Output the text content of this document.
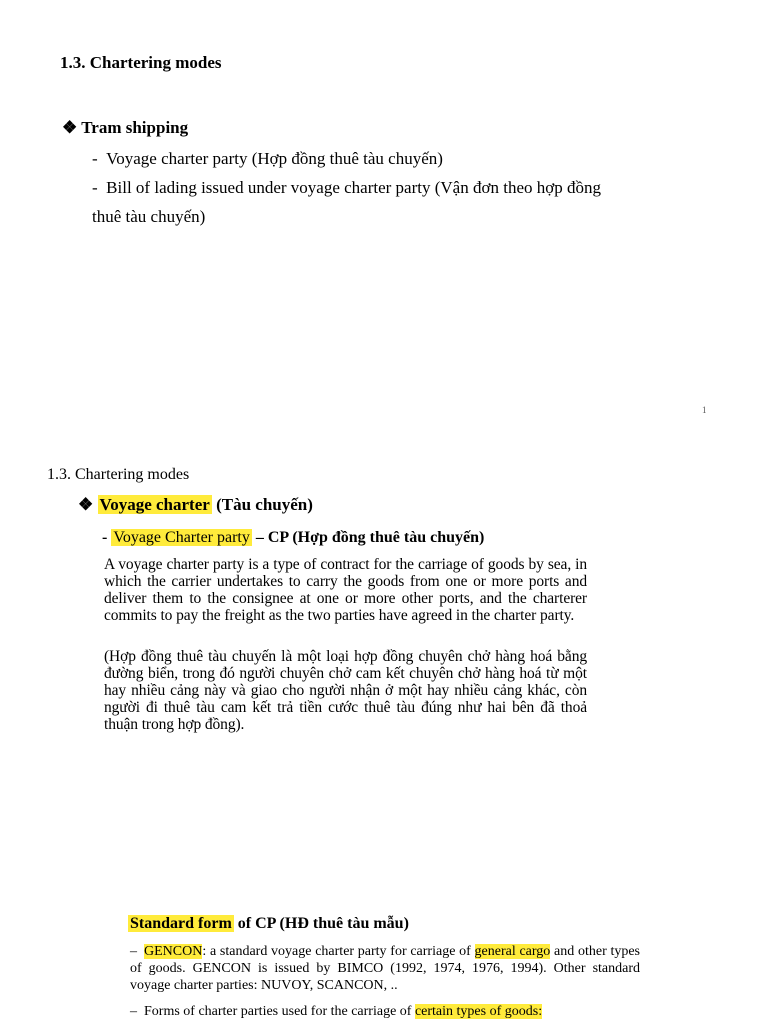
1.3. Chartering modes
❖ Tram shipping
-  Voyage charter party (Hợp đồng thuê tàu chuyến)
-  Bill of lading issued under voyage charter party (Vận đơn theo hợp đồng
thuê tàu chuyến)
1
1.3. Chartering modes
❖ Voyage charter (Tàu chuyến)
- Voyage Charter party – CP (Hợp đồng thuê tàu chuyến)
A voyage charter party is a type of contract for the carriage of goods by sea, in which the carrier undertakes to carry the goods from one or more ports and deliver them to the consignee at one or more other ports, and the charterer commits to pay the freight as the two parties have agreed in the charter party.
(Hợp đồng thuê tàu chuyến là một loại hợp đồng chuyên chở hàng hoá bằng đường biển, trong đó người chuyên chở cam kết chuyên chở hàng hoá từ một hay nhiều cảng này và giao cho người nhận ở một hay nhiều cảng khác, còn người đi thuê tàu cam kết trả tiền cước thuê tàu đúng như hai bên đã thoả thuận trong hợp đồng).
Standard form of CP (HĐ thuê tàu mẫu)
– GENCON: a standard voyage charter party for carriage of general cargo and other types of goods. GENCON is issued by BIMCO (1992, 1974, 1976, 1994). Other standard voyage charter parties: NUVOY, SCANCON, ..
– Forms of charter parties used for the carriage of certain types of goods:
